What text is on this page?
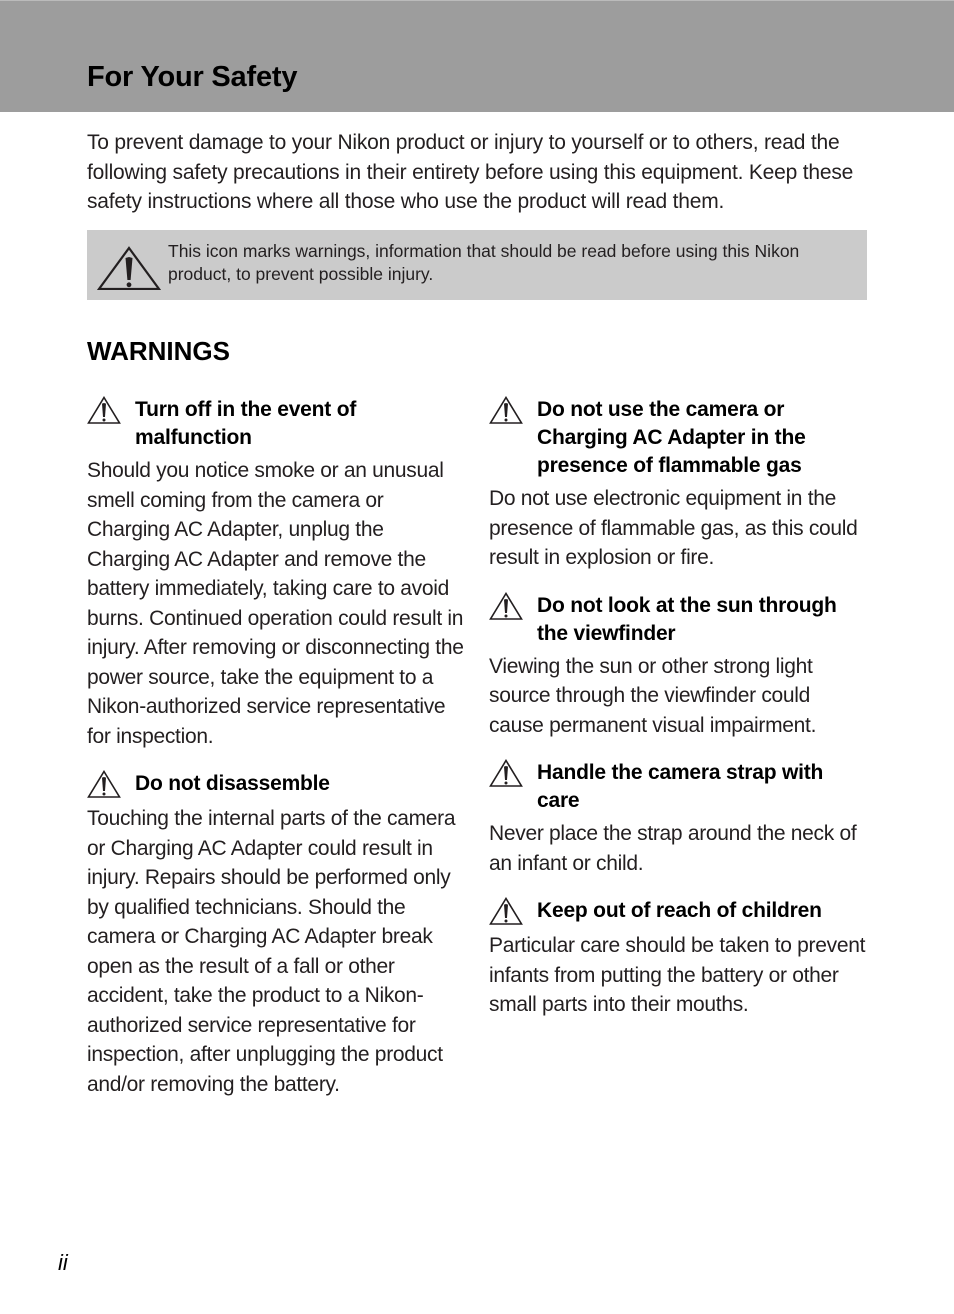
For Your Safety

To prevent damage to your Nikon product or injury to yourself or to others, read the following safety precautions in their entirety before using this equipment. Keep these safety instructions where all those who use the product will read them.

This icon marks warnings, information that should be read before using this Nikon product, to prevent possible injury.

WARNINGS
Turn off in the event of malfunction

Should you notice smoke or an unusual smell coming from the camera or Charging AC Adapter, unplug the Charging AC Adapter and remove the battery immediately, taking care to avoid burns. Continued operation could result in injury. After removing or disconnecting the power source, take the equipment to a Nikon-authorized service representative for inspection.

Do not disassemble

Touching the internal parts of the camera or Charging AC Adapter could result in injury. Repairs should be performed only by qualified technicians. Should the camera or Charging AC Adapter break open as the result of a fall or other accident, take the product to a Nikon-authorized service representative for inspection, after unplugging the product and/or removing the battery.

Do not use the camera or Charging AC Adapter in the presence of flammable gas

Do not use electronic equipment in the presence of flammable gas, as this could result in explosion or fire.

Do not look at the sun through the viewfinder

Viewing the sun or other strong light source through the viewfinder could cause permanent visual impairment.

Handle the camera strap with care

Never place the strap around the neck of an infant or child.

Keep out of reach of children

Particular care should be taken to prevent infants from putting the battery or other small parts into their mouths.

ii
